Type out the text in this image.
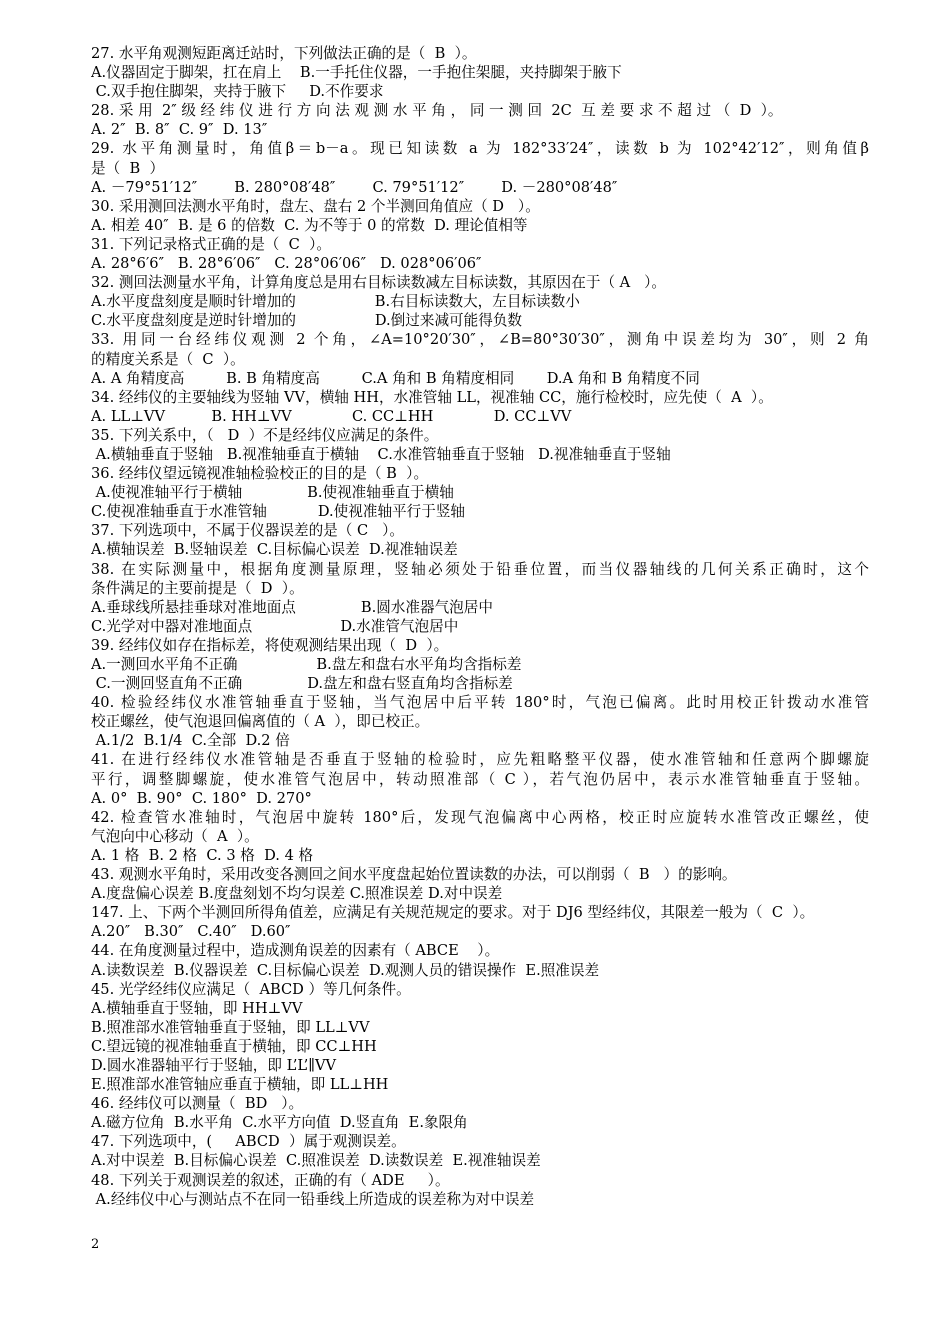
27. 水平角观测短距离迁站时，下列做法正确的是（  B  ）。
A.仪器固定于脚架，扛在肩上    B.一手托住仪器，一手抱住架腿，夹持脚架于腋下
C.双手抱住脚架，夹持于腋下     D.不作要求
28. 采 用  2″ 级 经 纬 仪 进 行 方 向 法 观 测 水 平 角 ， 同 一 测 回  2C  互 差 要 求 不 超 过 （  D  ）。
A. 2″  B. 8″  C. 9″  D. 13″
29. 水平角测量时，角值β＝b－a。现已知读数 a 为 182°33′24″，读数 b 为 102°42′12″，则角值β
是（  B  ）
A. －79°51′12″        B. 280°08′48″        C. 79°51′12″        D. －280°08′48″
30. 采用测回法测水平角时，盘左、盘右 2 个半测回角值应（ D   ）。
A. 相差 40″  B. 是 6 的倍数  C. 为不等于 0 的常数  D. 理论值相等
31. 下列记录格式正确的是（  C  ）。
A. 28°6′6″   B. 28°6′06″   C. 28°06′06″   D. 028°06′06″
32. 测回法测量水平角，计算角度总是用右目标读数减左目标读数，其原因在于（ A   ）。
A.水平度盘刻度是顺时针增加的                 B.右目标读数大，左目标读数小
C.水平度盘刻度是逆时针增加的                 D.倒过来减可能得负数
33. 用同一台经纬仪观测 2 个角，∠A=10°20′30″，∠B=80°30′30″，测角中误差均为 30″，则 2 角
的精度关系是（  C  ）。
A. A 角精度高         B. B 角精度高         C.A 角和 B 角精度相同       D.A 角和 B 角精度不同
34. 经纬仪的主要轴线为竖轴 VV，横轴 HH，水准管轴 LL，视准轴 CC，施行检校时，应先使（  A  ）。
A. LL⊥VV          B. HH⊥VV             C. CC⊥HH             D. CC⊥VV
35. 下列关系中，（   D  ）不是经纬仪应满足的条件。
A.横轴垂直于竖轴   B.视准轴垂直于横轴    C.水准管轴垂直于竖轴   D.视准轴垂直于竖轴
36. 经纬仪望远镜视准轴检验校正的目的是（ B  ）。
A.使视准轴平行于横轴              B.使视准轴垂直于横轴
C.使视准轴垂直于水准管轴           D.使视准轴平行于竖轴
37. 下列选项中，不属于仪器误差的是（ C   ）。
A.横轴误差  B.竖轴误差  C.目标偏心误差  D.视准轴误差
38. 在实际测量中，根据角度测量原理，竖轴必须处于铅垂位置，而当仪器轴线的几何关系正确时，这个
条件满足的主要前提是（  D  ）。
A.垂球线所悬挂垂球对准地面点              B.圆水准器气泡居中
C.光学对中器对准地面点                   D.水准管气泡居中
39. 经纬仪如存在指标差，将使观测结果出现（  D  ）。
A.一测回水平角不正确                 B.盘左和盘右水平角均含指标差
C.一测回竖直角不正确              D.盘左和盘右竖直角均含指标差
40. 检验经纬仪水准管轴垂直于竖轴，当气泡居中后平转 180°时，气泡已偏离。此时用校正针拨动水准管
校正螺丝，使气泡退回偏离值的（ A  ），即已校正。
A.1/2  B.1/4  C.全部  D.2 倍
41. 在进行经纬仪水准管轴是否垂直于竖轴的检验时，应先粗略整平仪器，使水准管轴和任意两个脚螺旋
平行，调整脚螺旋，使水准管气泡居中，转动照准部（ C ），若气泡仍居中，表示水准管轴垂直于竖轴。
A. 0°  B. 90°  C. 180°  D. 270°
42. 检查管水准轴时，气泡居中旋转 180°后，发现气泡偏离中心两格，校正时应旋转水准管改正螺丝，使
气泡向中心移动（  A  ）。
A. 1 格  B. 2 格  C. 3 格  D. 4 格
43. 观测水平角时，采用改变各测回之间水平度盘起始位置读数的办法，可以削弱（  B   ）的影响。
A.度盘偏心误差 B.度盘刻划不均匀误差 C.照准误差 D.对中误差
147. 上、下两个半测回所得角值差，应满足有关规范规定的要求。对于 DJ6 型经纬仪，其限差一般为（  C  ）。
A.20″   B.30″   C.40″   D.60″
44. 在角度测量过程中，造成测角误差的因素有（ ABCE    ）。
A.读数误差  B.仪器误差  C.目标偏心误差  D.观测人员的错误操作  E.照准误差
45. 光学经纬仪应满足（  ABCD ）等几何条件。
A.横轴垂直于竖轴，即 HH⊥VV
B.照准部水准管轴垂直于竖轴，即 LL⊥VV
C.望远镜的视准轴垂直于横轴，即 CC⊥HH
D.圆水准器轴平行于竖轴，即 L’L’∥VV
E.照准部水准管轴应垂直于横轴，即 LL⊥HH
46. 经纬仪可以测量（  BD   ）。
A.磁方位角  B.水平角  C.水平方向值  D.竖直角  E.象限角
47. 下列选项中，(     ABCD  ）属于观测误差。
A.对中误差  B.目标偏心误差  C.照准误差  D.读数误差  E.视准轴误差
48. 下列关于观测误差的叙述，正确的有（ ADE     ）。
A.经纬仪中心与测站点不在同一铅垂线上所造成的误差称为对中误差
2
